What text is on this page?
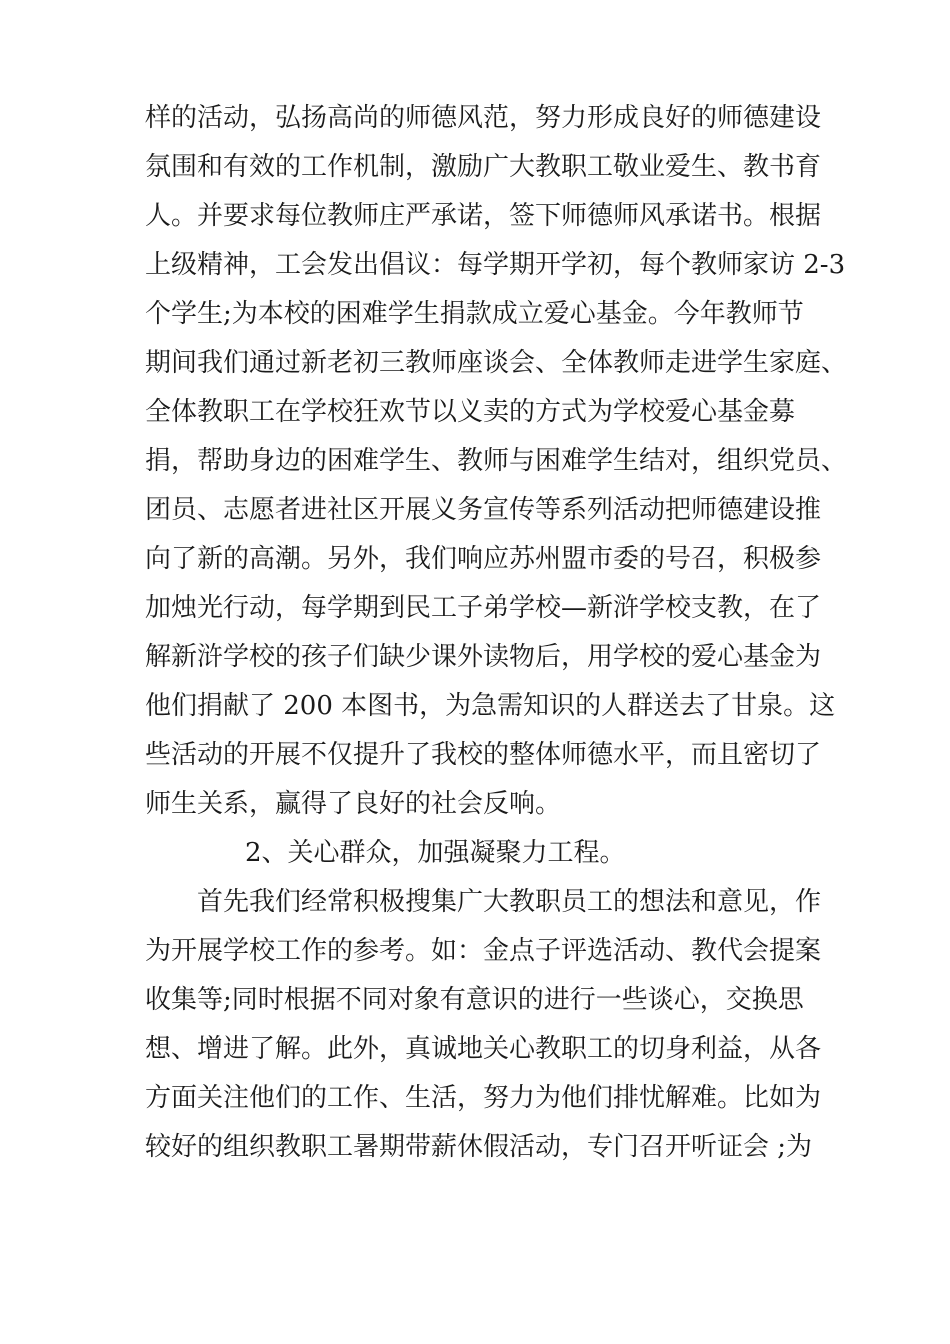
样的活动，弘扬高尚的师德风范，努力形成良好的师德建设
氛围和有效的工作机制，激励广大教职工敬业爱生、教书育
人。并要求每位教师庄严承诺，签下师德师风承诺书。根据
上级精神，工会发出倡议：每学期开学初，每个教师家访 2-3
个学生;为本校的困难学生捐款成立爱心基金。今年教师节
期间我们通过新老初三教师座谈会、全体教师走进学生家庭、
全体教职工在学校狂欢节以义卖的方式为学校爱心基金募
捐，帮助身边的困难学生、教师与困难学生结对，组织党员、
团员、志愿者进社区开展义务宣传等系列活动把师德建设推
向了新的高潮。另外，我们响应苏州盟市委的号召，积极参
加烛光行动，每学期到民工子弟学校—新浒学校支教，在了
解新浒学校的孩子们缺少课外读物后，用学校的爱心基金为
他们捐献了 200 本图书，为急需知识的人群送去了甘泉。这
些活动的开展不仅提升了我校的整体师德水平，而且密切了
师生关系，赢得了良好的社会反响。
2、关心群众，加强凝聚力工程。
首先我们经常积极搜集广大教职员工的想法和意见，作
为开展学校工作的参考。如：金点子评选活动、教代会提案
收集等;同时根据不同对象有意识的进行一些谈心，交换思
想、增进了解。此外，真诚地关心教职工的切身利益，从各
方面关注他们的工作、生活，努力为他们排忧解难。比如为
较好的组织教职工暑期带薪休假活动，专门召开听证会 ;为
